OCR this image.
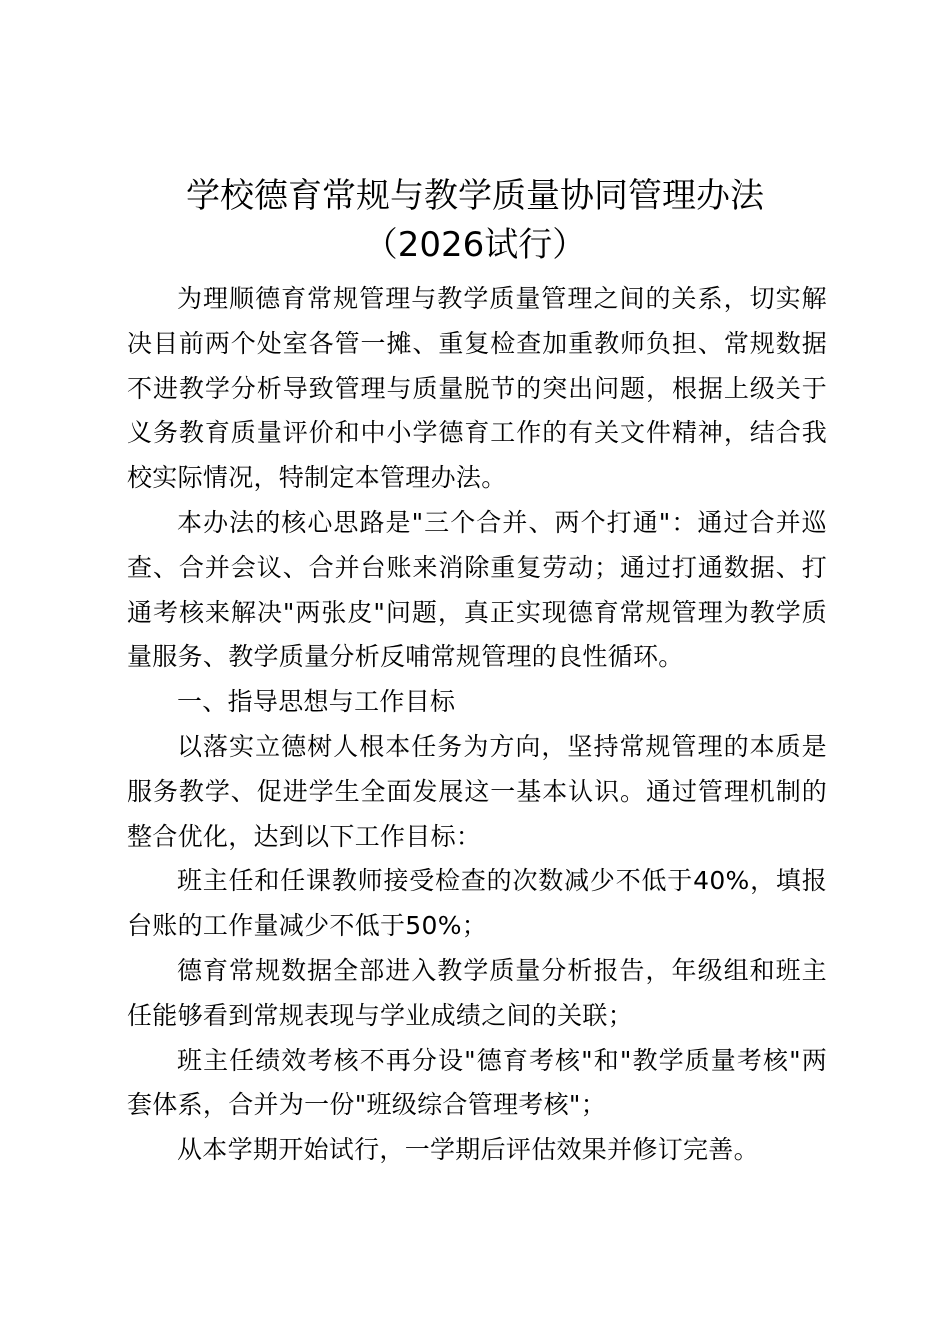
学校德育常规与教学质量协同管理办法
（2026试行）

为理顺德育常规管理与教学质量管理之间的关系，切实解决目前两个处室各管一摊、重复检查加重教师负担、常规数据不进教学分析导致管理与质量脱节的突出问题，根据上级关于义务教育质量评价和中小学德育工作的有关文件精神，结合我校实际情况，特制定本管理办法。

本办法的核心思路是"三个合并、两个打通"：通过合并巡查、合并会议、合并台账来消除重复劳动；通过打通数据、打通考核来解决"两张皮"问题，真正实现德育常规管理为教学质量服务、教学质量分析反哺常规管理的良性循环。

一、指导思想与工作目标

以落实立德树人根本任务为方向，坚持常规管理的本质是服务教学、促进学生全面发展这一基本认识。通过管理机制的整合优化，达到以下工作目标：

班主任和任课教师接受检查的次数减少不低于40%，填报台账的工作量减少不低于50%；

德育常规数据全部进入教学质量分析报告，年级组和班主任能够看到常规表现与学业成绩之间的关联；

班主任绩效考核不再分设"德育考核"和"教学质量考核"两套体系，合并为一份"班级综合管理考核"；

从本学期开始试行，一学期后评估效果并修订完善。
